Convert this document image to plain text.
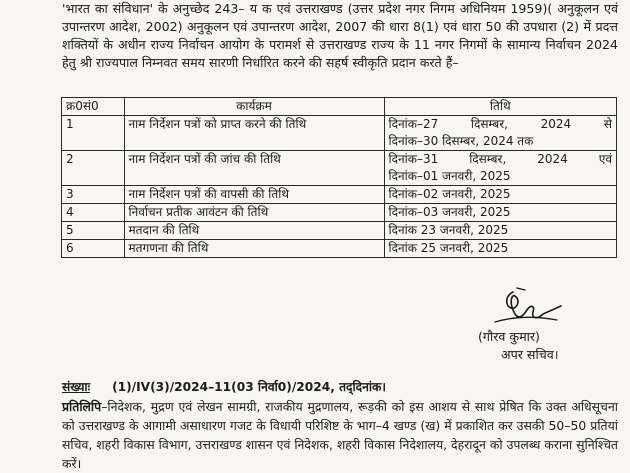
'भारत का संविधान' के अनुच्छेद 243– य क एवं उत्तराखण्ड (उत्तर प्रदेश नगर निगम अधिनियम 1959)( अनुकूलन एवं उपान्तरण आदेश, 2002) अनुकूलन एवं उपान्तरण आदेश, 2007 की धारा 8(1) एवं धारा 50 की उपधारा (2) में प्रदत्त शक्तियों के अधीन राज्य निर्वाचन आयोग के परामर्श से उत्तराखण्ड राज्य के 11 नगर निगमों के सामान्य निर्वाचन 2024 हेतु श्री राज्यपाल निम्नवत समय सारणी निर्धारित करने की सहर्ष स्वीकृति प्रदान करते हैं–

क्र0सं0	कार्यक्रम	तिथि
1	नाम निर्देशन पत्रों को प्राप्त करने की तिथि	दिनांक–27 दिसम्बर, 2024 से
दिनांक–30 दिसम्बर, 2024 तक

2	नाम निर्देशन पत्रों की जांच की तिथि	दिनांक–31 दिसम्बर, 2024 एवं
दिनांक–01 जनवरी, 2025

3	नाम निर्देशन पत्रों की वापसी की तिथि	दिनांक–02 जनवरी, 2025
4	निर्वाचन प्रतीक आवंटन की तिथि	दिनांक–03 जनवरी, 2025
5	मतदान की तिथि	दिनांक 23 जनवरी, 2025
6	मतगणना की तिथि	दिनांक 25 जनवरी, 2025
(गौरव कुमार)
अपर सचिव।
संख्याः (1)/IV(3)/2024–11(03 निर्वा0)/2024, तद्‌दिनांक।

प्रतिलिपि–निदेशक, मुद्रण एवं लेखन सामग्री, राजकीय मुद्रणालय, रूड़की को इस आशय से साथ प्रेषित कि उक्त अधिसूचना को उत्तराखण्ड के आगामी असाधारण गजट के विधायी परिशिष्ट के भाग–4 खण्ड (ख) में प्रकाशित कर उसकी 50–50 प्रतियां सचिव, शहरी विकास विभाग, उत्तराखण्ड शासन एवं निदेशक, शहरी विकास निदेशालय, देहरादून को उपलब्ध कराना सुनिश्चित करें।
